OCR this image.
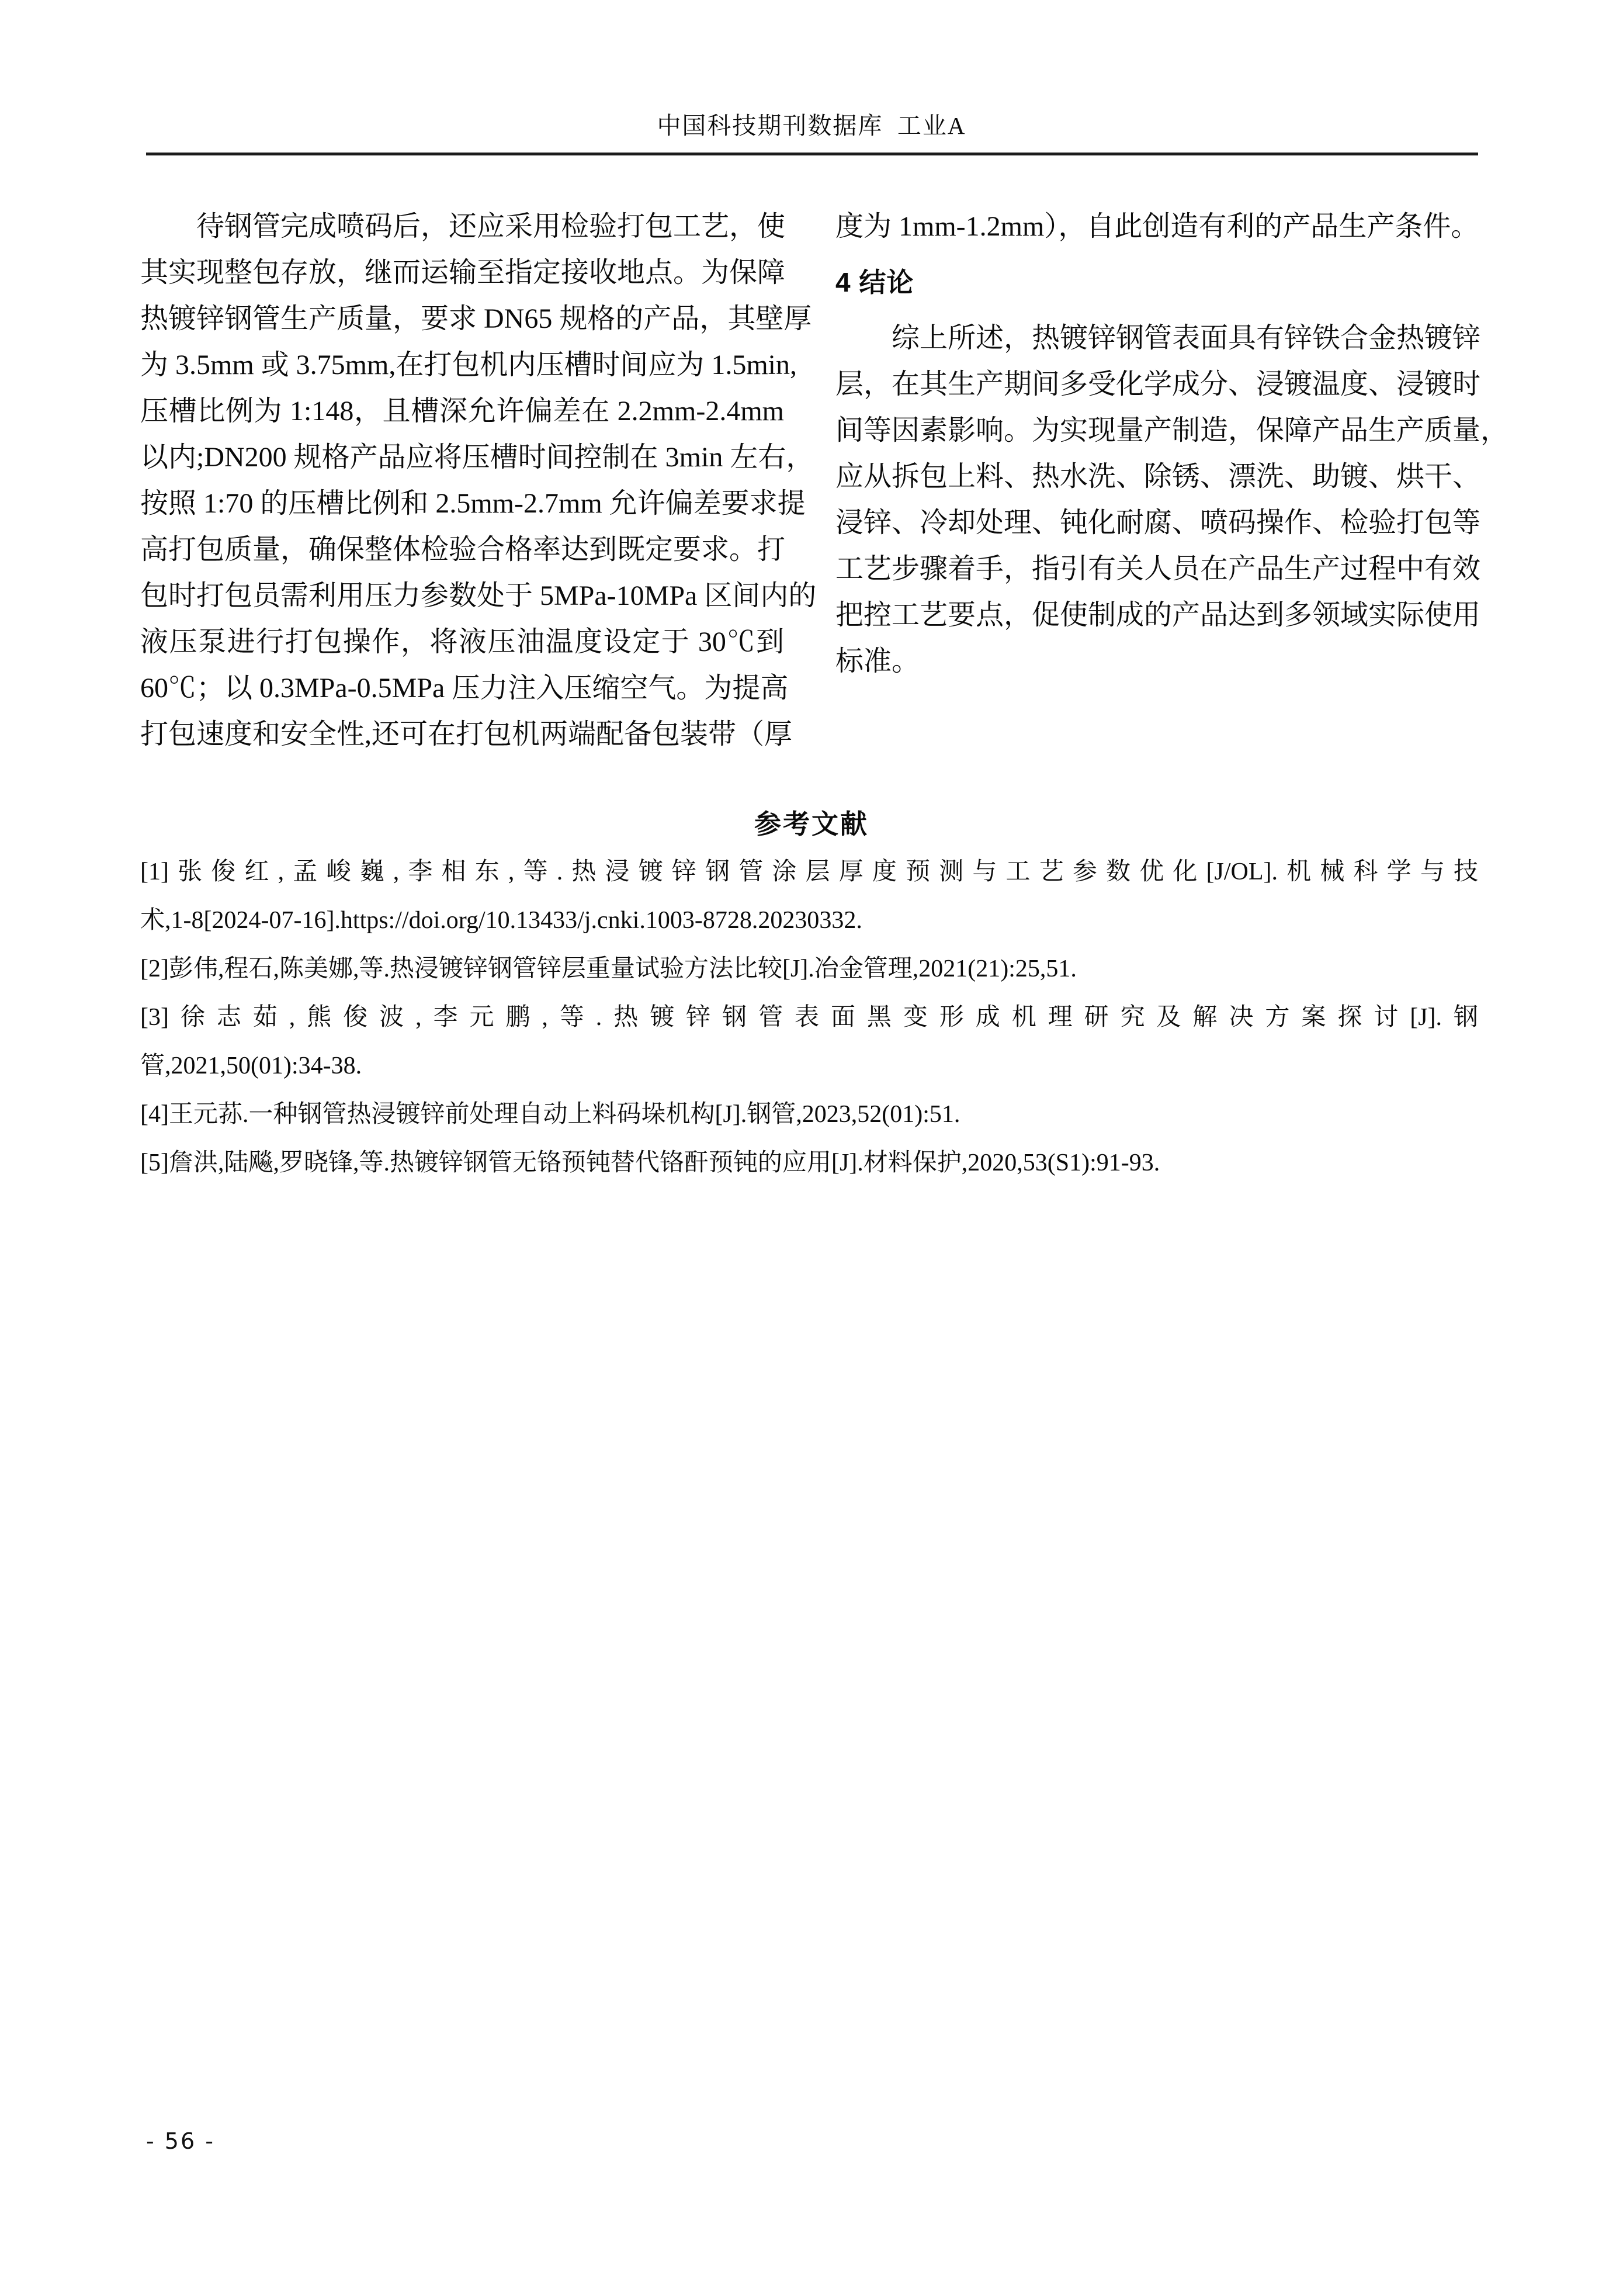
中国科技期刊数据库  工业A
待钢管完成喷码后，还应采用检验打包工艺，使
其实现整包存放，继而运输至指定接收地点。为保障
热镀锌钢管生产质量，要求 DN65 规格的产品，其壁厚
为 3.5mm 或 3.75mm,在打包机内压槽时间应为 1.5min,
压槽比例为 1:148，且槽深允许偏差在 2.2mm-2.4mm
以内;DN200 规格产品应将压槽时间控制在 3min 左右，
按照 1:70 的压槽比例和 2.5mm-2.7mm 允许偏差要求提
高打包质量，确保整体检验合格率达到既定要求。打
包时打包员需利用压力参数处于 5MPa-10MPa 区间内的
液压泵进行打包操作，将液压油温度设定于 30℃到
60℃；以 0.3MPa-0.5MPa 压力注入压缩空气。为提高
打包速度和安全性,还可在打包机两端配备包装带（厚
度为 1mm-1.2mm），自此创造有利的产品生产条件。
4 结论
综上所述，热镀锌钢管表面具有锌铁合金热镀锌
层，在其生产期间多受化学成分、浸镀温度、浸镀时
间等因素影响。为实现量产制造，保障产品生产质量，
应从拆包上料、热水洗、除锈、漂洗、助镀、烘干、
浸锌、冷却处理、钝化耐腐、喷码操作、检验打包等
工艺步骤着手，指引有关人员在产品生产过程中有效
把控工艺要点，促使制成的产品达到多领域实际使用
标准。
参考文献
[1]张俊红,孟峻巍,李相东,等.热浸镀锌钢管涂层厚度预测与工艺参数优化[J/OL].机械科学与技
术,1-8[2024-07-16].https://doi.org/10.13433/j.cnki.1003-8728.20230332.
[2]彭伟,程石,陈美娜,等.热浸镀锌钢管锌层重量试验方法比较[J].冶金管理,2021(21):25,51.
[3]徐志茹,熊俊波,李元鹏,等.热镀锌钢管表面黑变形成机理研究及解决方案探讨[J].钢
管,2021,50(01):34-38.
[4]王元荪.一种钢管热浸镀锌前处理自动上料码垛机构[J].钢管,2023,52(01):51.
[5]詹洪,陆飚,罗晓锋,等.热镀锌钢管无铬预钝替代铬酐预钝的应用[J].材料保护,2020,53(S1):91-93.
- 56 -
